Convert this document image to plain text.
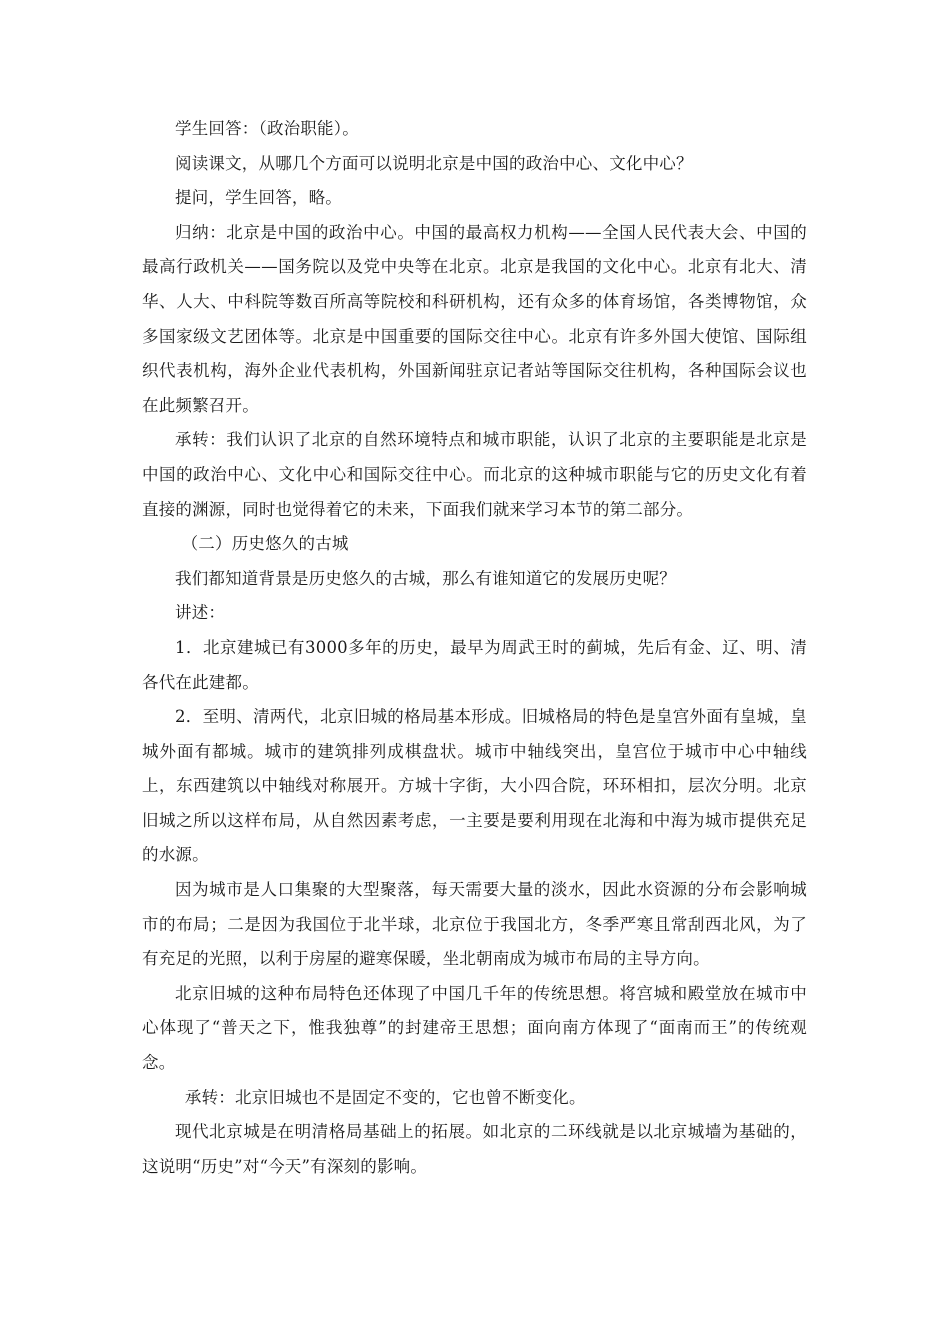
学生回答：（政治职能）。

阅读课文，从哪几个方面可以说明北京是中国的政治中心、文化中心？

提问，学生回答，略。

归纳：北京是中国的政治中心。中国的最高权力机构——全国人民代表大会、中国的最高行政机关——国务院以及党中央等在北京。北京是我国的文化中心。北京有北大、清华、人大、中科院等数百所高等院校和科研机构，还有众多的体育场馆，各类博物馆，众多国家级文艺团体等。北京是中国重要的国际交往中心。北京有许多外国大使馆、国际组织代表机构，海外企业代表机构，外国新闻驻京记者站等国际交往机构，各种国际会议也在此频繁召开。

承转：我们认识了北京的自然环境特点和城市职能，认识了北京的主要职能是北京是中国的政治中心、文化中心和国际交往中心。而北京的这种城市职能与它的历史文化有着直接的渊源，同时也觉得着它的未来，下面我们就来学习本节的第二部分。

（二）历史悠久的古城

我们都知道背景是历史悠久的古城，那么有谁知道它的发展历史呢？

讲述：

1．北京建城已有3000多年的历史，最早为周武王时的蓟城，先后有金、辽、明、清各代在此建都。

2．至明、清两代，北京旧城的格局基本形成。旧城格局的特色是皇宫外面有皇城，皇城外面有都城。城市的建筑排列成棋盘状。城市中轴线突出，皇宫位于城市中心中轴线上，东西建筑以中轴线对称展开。方城十字街，大小四合院，环环相扣，层次分明。北京旧城之所以这样布局，从自然因素考虑，一主要是要利用现在北海和中海为城市提供充足的水源。

因为城市是人口集聚的大型聚落，每天需要大量的淡水，因此水资源的分布会影响城市的布局；二是因为我国位于北半球，北京位于我国北方，冬季严寒且常刮西北风，为了有充足的光照，以利于房屋的避寒保暖，坐北朝南成为城市布局的主导方向。

北京旧城的这种布局特色还体现了中国几千年的传统思想。将宫城和殿堂放在城市中心体现了“普天之下，惟我独尊”的封建帝王思想；面向南方体现了“面南而王”的传统观念。

承转：北京旧城也不是固定不变的，它也曾不断变化。

现代北京城是在明清格局基础上的拓展。如北京的二环线就是以北京城墙为基础的，这说明“历史”对“今天”有深刻的影响。
